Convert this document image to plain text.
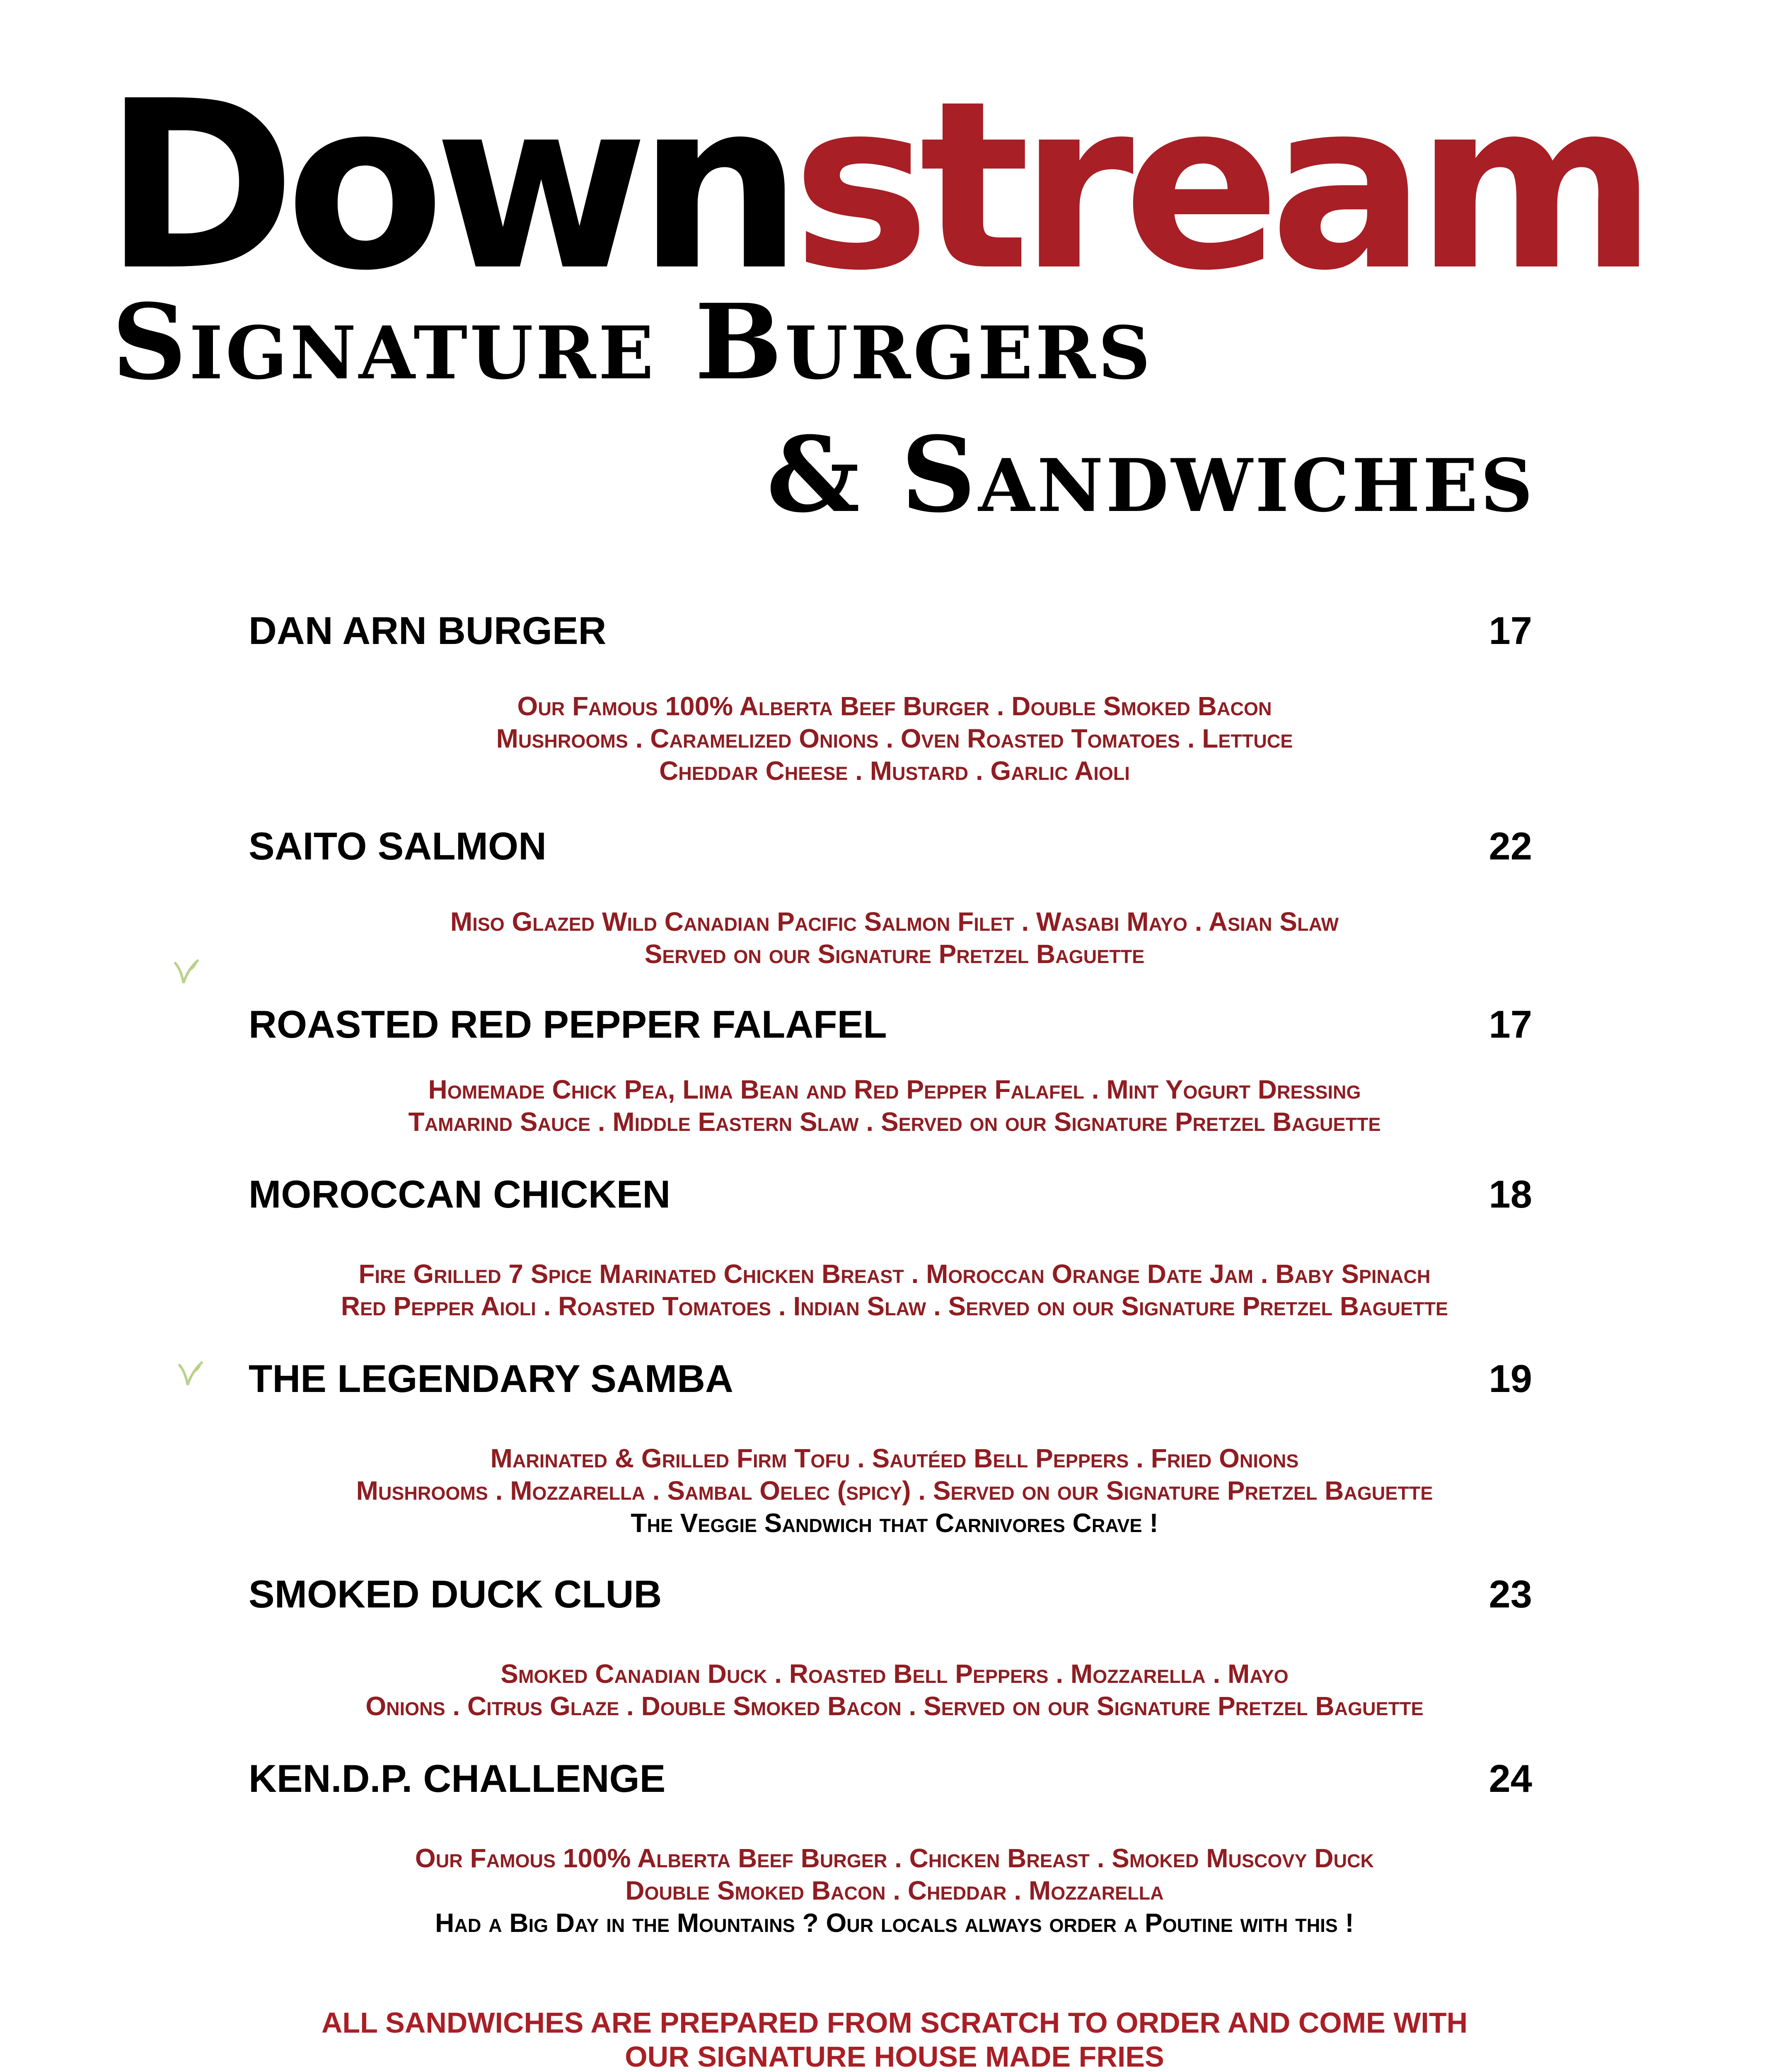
Downstream
Signature Burgers
& Sandwiches
DAN ARN BURGER	17
Our Famous 100% Alberta Beef Burger . Double Smoked Bacon
Mushrooms . Caramelized Onions . Oven Roasted Tomatoes . Lettuce
Cheddar Cheese . Mustard . Garlic Aioli
SAITO SALMON	22
Miso Glazed Wild Canadian Pacific Salmon Filet . Wasabi Mayo . Asian Slaw
Served on our Signature Pretzel Baguette
ROASTED RED PEPPER FALAFEL	17
Homemade Chick Pea, Lima Bean and Red Pepper Falafel . Mint Yogurt Dressing
Tamarind Sauce . Middle Eastern Slaw . Served on our Signature Pretzel Baguette
MOROCCAN CHICKEN	18
Fire Grilled 7 Spice Marinated Chicken Breast . Moroccan Orange Date Jam . Baby Spinach
Red Pepper Aioli . Roasted Tomatoes . Indian Slaw . Served on our Signature Pretzel Baguette
THE LEGENDARY SAMBA	19
Marinated & Grilled Firm Tofu . Sautéed Bell Peppers . Fried Onions
Mushrooms . Mozzarella . Sambal Oelec (spicy) . Served on our Signature Pretzel Baguette
The Veggie Sandwich that Carnivores Crave !
SMOKED DUCK CLUB	23
Smoked Canadian Duck . Roasted Bell Peppers . Mozzarella . Mayo
Onions . Citrus Glaze . Double Smoked Bacon . Served on our Signature Pretzel Baguette
KEN.D.P. CHALLENGE	24
Our Famous 100% Alberta Beef Burger . Chicken Breast . Smoked Muscovy Duck
Double Smoked Bacon . Cheddar . Mozzarella
Had a Big Day in the Mountains ? Our locals always order a Poutine with this !
ALL SANDWICHES ARE PREPARED FROM SCRATCH TO ORDER AND COME WITH
OUR SIGNATURE HOUSE MADE FRIES
